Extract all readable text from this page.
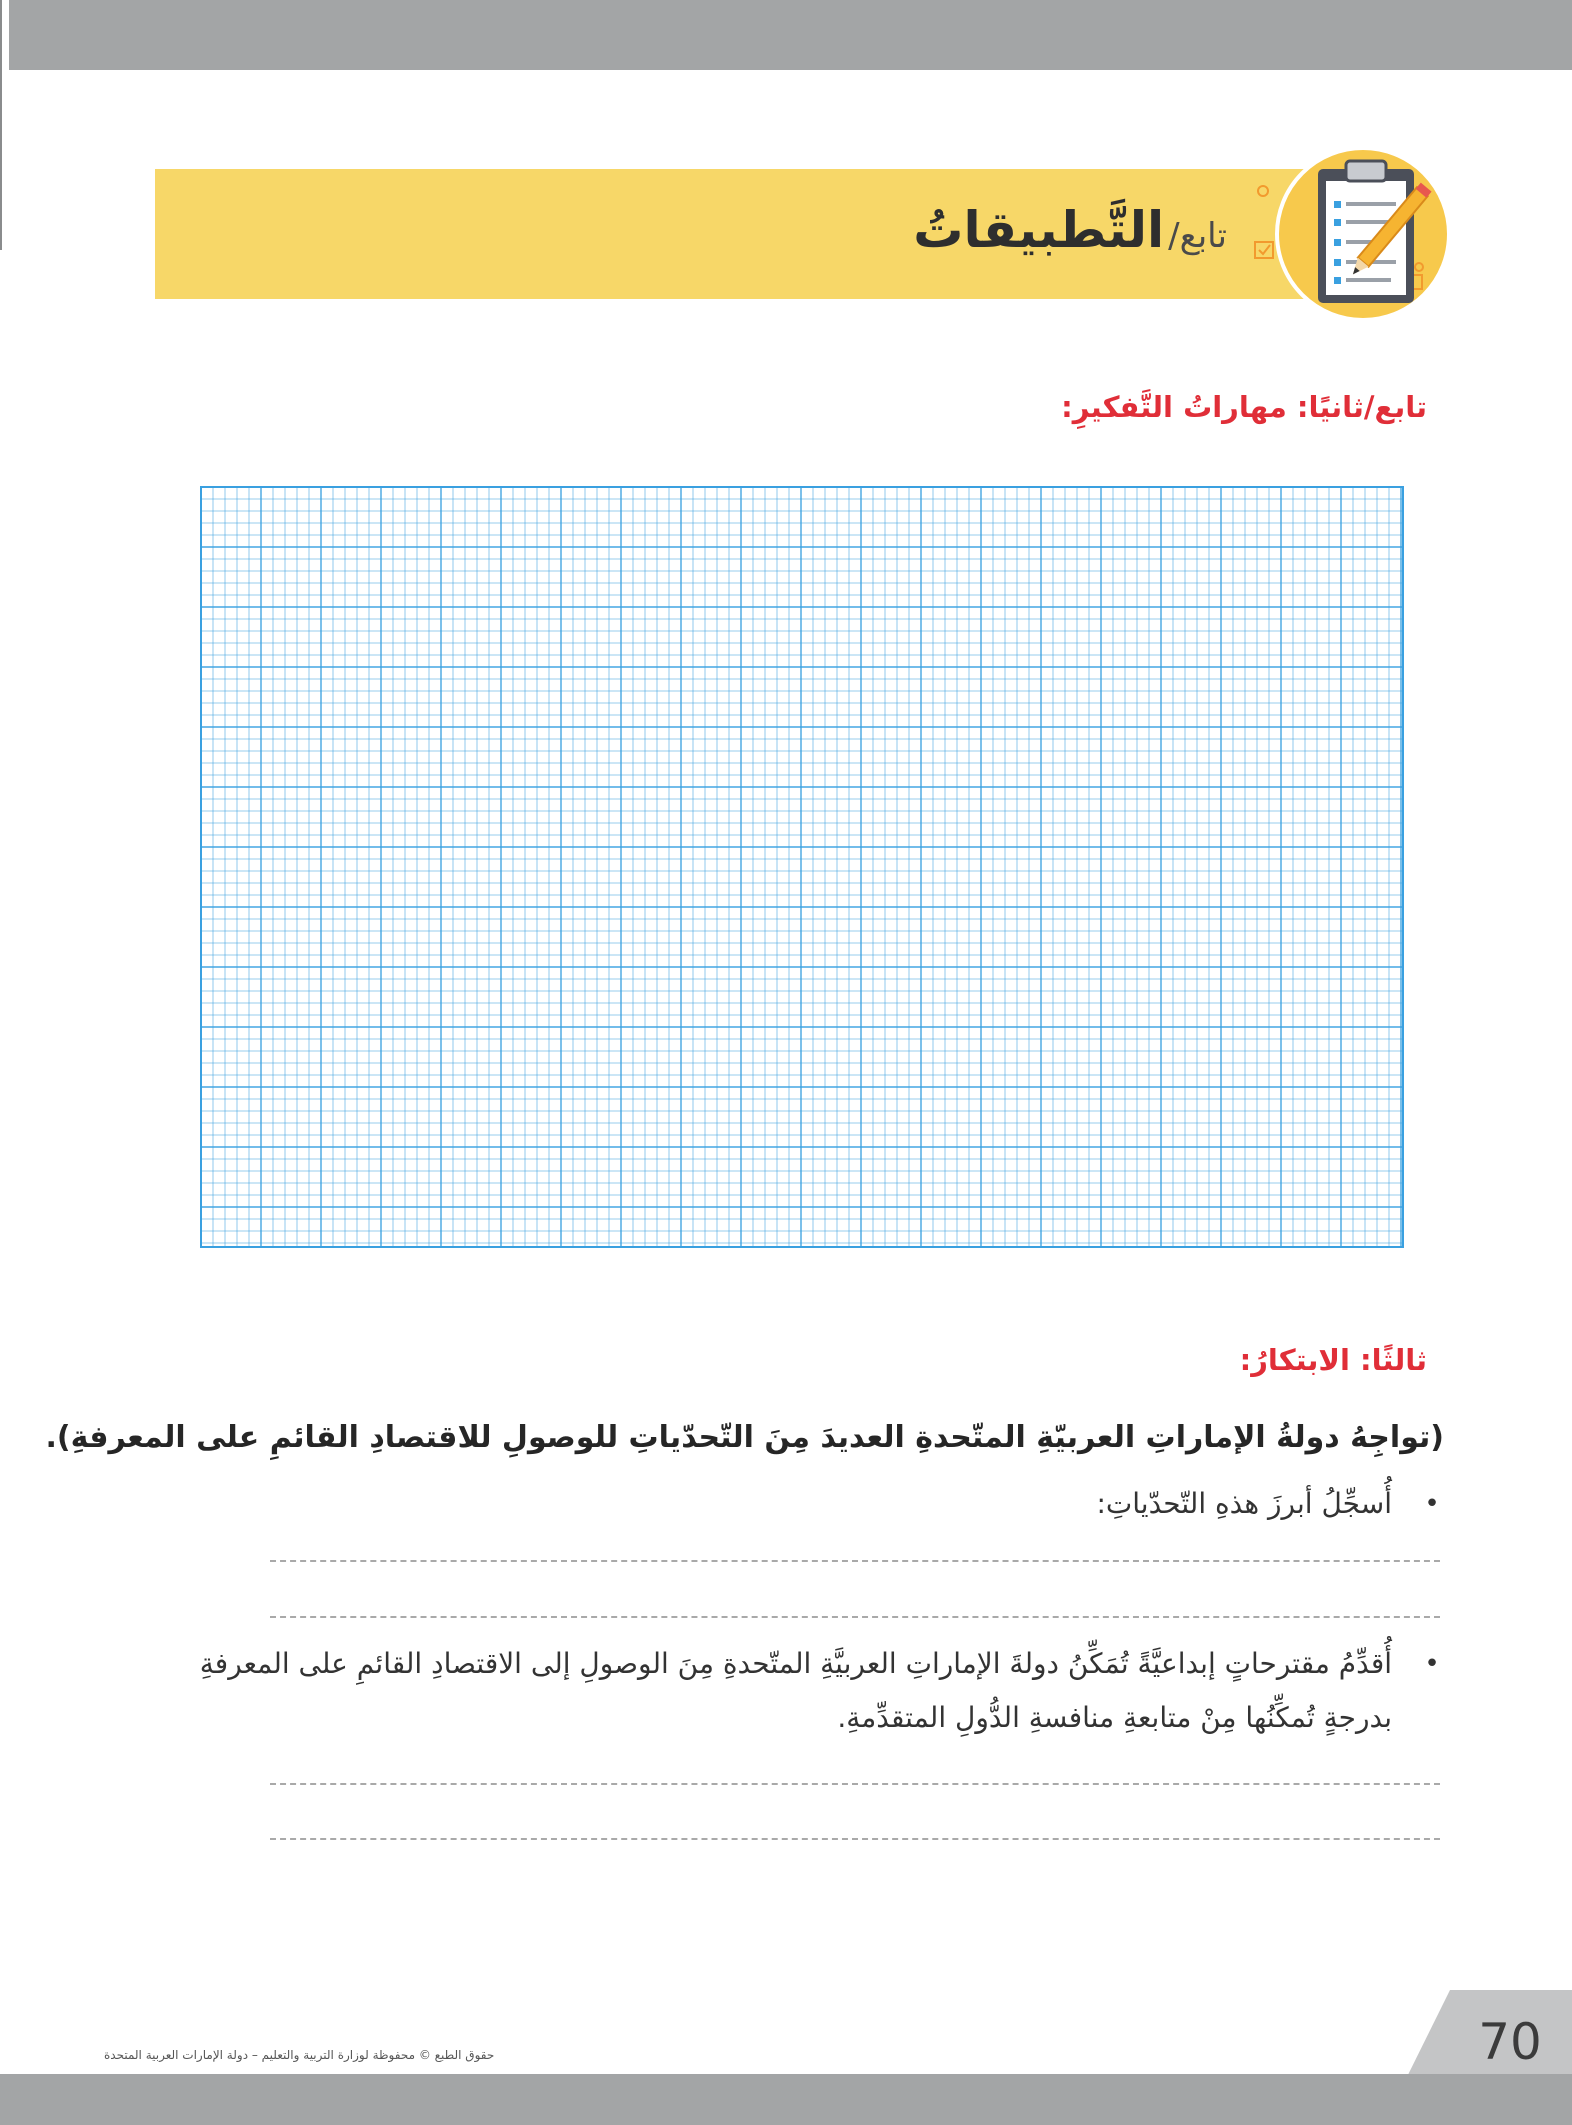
تابع/
التَّطبيقاتُ
تابع/ثانيًا: مهاراتُ التَّفكيرِ:
ثالثًا: الابتكارُ:
(تواجِهُ دولةُ الإماراتِ العربيّةِ المتّحدةِ العديدَ مِنَ التّحدّياتِ للوصولِ للاقتصادِ القائمِ على المعرفةِ).
•
أُسجِّلُ أبرزَ هذهِ التّحدّياتِ:
•
أُقدِّمُ مقترحاتٍ إبداعيَّةً تُمَكِّنُ دولةَ الإماراتِ العربيَّةِ المتّحدةِ مِنَ الوصولِ إلى الاقتصادِ القائمِ على المعرفةِ بدرجةٍ تُمكِّنُها مِنْ متابعةِ منافسةِ الدُّولِ المتقدِّمةِ.
حقوق الطبع © محفوظة لوزارة التربية والتعليم – دولة الإمارات العربية المتحدة	70
